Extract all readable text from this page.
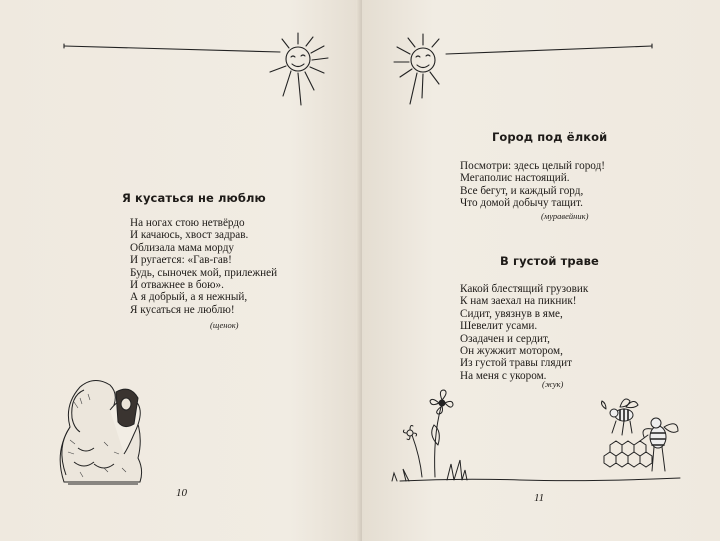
Я кусаться не люблю
На ногах стою нетвёрдо
И качаюсь, хвост задрав.
Облизала мама морду
И ругается: «Гав-гав!
Будь, сыночек мой, прилежней
И отважнее в бою».
А я добрый, а я нежный,
Я кусаться не люблю!
(щенок)
10
Город под ёлкой
Посмотри: здесь целый город!
Мегаполис настоящий.
Все бегут, и каждый горд,
Что домой добычу тащит.
(муравейник)
В густой траве
Какой блестящий грузовик
К нам заехал на пикник!
Сидит, увязнув в яме,
Шевелит усами.
Озадачен и сердит,
Он жужжит мотором,
Из густой травы глядит
На меня с укором.
(жук)
11
